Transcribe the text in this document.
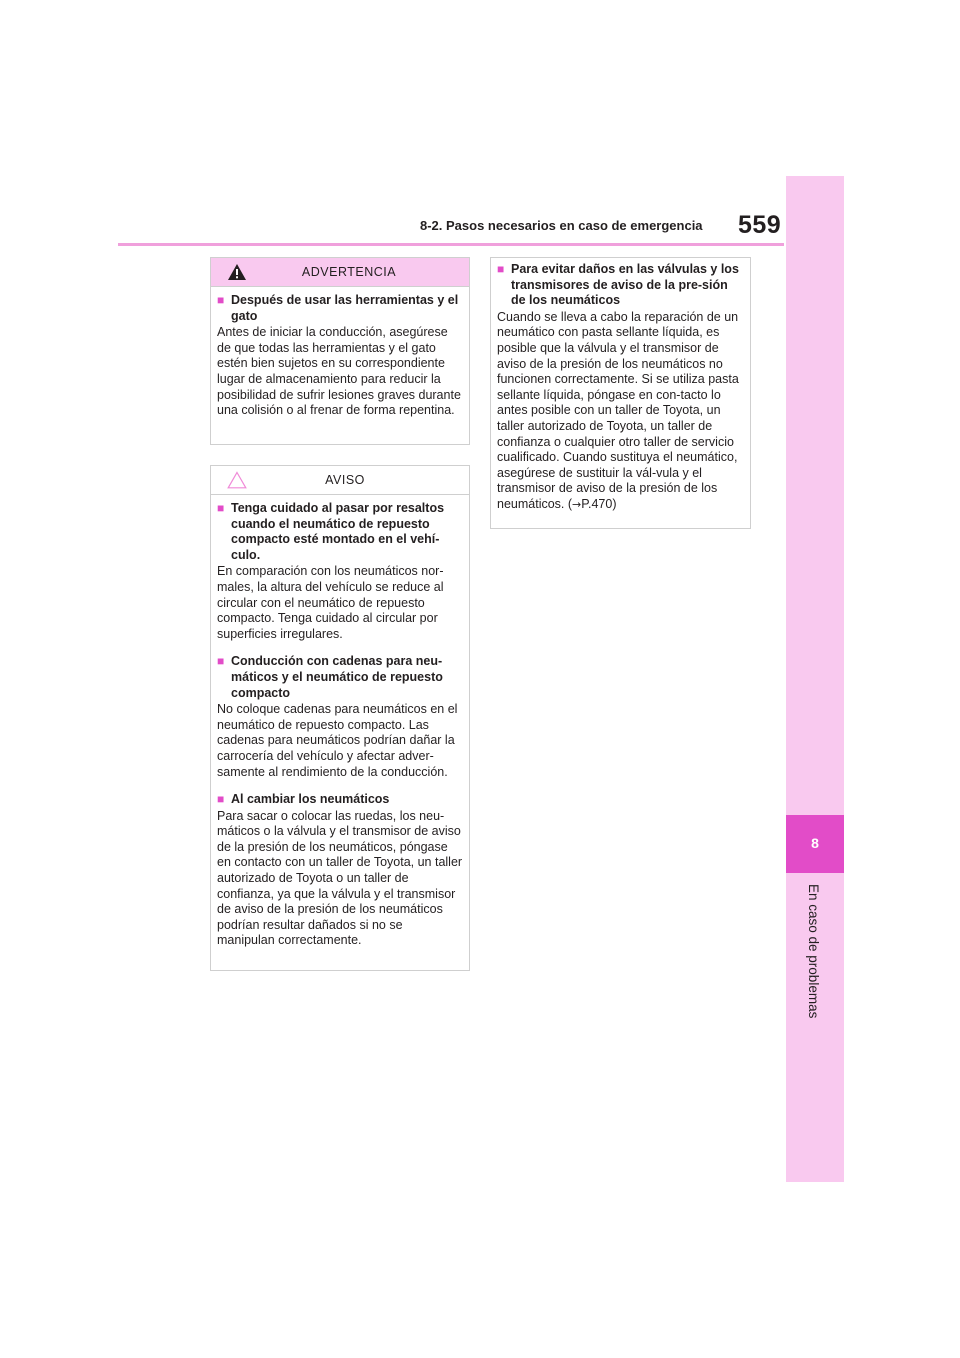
8-2. Pasos necesarios en caso de emergencia 559
8
En caso de problemas
ADVERTENCIA
■ Después de usar las herramientas y el gato
Antes de iniciar la conducción, asegúrese de que todas las herramientas y el gato estén bien sujetos en su correspondiente lugar de almacenamiento para reducir la posibilidad de sufrir lesiones graves durante una colisión o al frenar de forma repentina.
AVISO
■ Tenga cuidado al pasar por resaltos cuando el neumático de repuesto compacto esté montado en el vehí-culo.
En comparación con los neumáticos nor-males, la altura del vehículo se reduce al circular con el neumático de repuesto compacto. Tenga cuidado al circular por superficies irregulares.
■ Conducción con cadenas para neu-máticos y el neumático de repuesto compacto
No coloque cadenas para neumáticos en el neumático de repuesto compacto. Las cadenas para neumáticos podrían dañar la carrocería del vehículo y afectar adver-samente al rendimiento de la conducción.
■ Al cambiar los neumáticos
Para sacar o colocar las ruedas, los neu-máticos o la válvula y el transmisor de aviso de la presión de los neumáticos, póngase en contacto con un taller de Toyota, un taller autorizado de Toyota o un taller de confianza, ya que la válvula y el transmisor de aviso de la presión de los neumáticos podrían resultar dañados si no se manipulan correctamente.
■ Para evitar daños en las válvulas y los transmisores de aviso de la pre-sión de los neumáticos
Cuando se lleva a cabo la reparación de un neumático con pasta sellante líquida, es posible que la válvula y el transmisor de aviso de la presión de los neumáticos no funcionen correctamente. Si se utiliza pasta sellante líquida, póngase en con-tacto lo antes posible con un taller de Toyota, un taller autorizado de Toyota, un taller de confianza o cualquier otro taller de servicio cualificado. Cuando sustituya el neumático, asegúrese de sustituir la vál-vula y el transmisor de aviso de la presión de los neumáticos. (→P.470)
